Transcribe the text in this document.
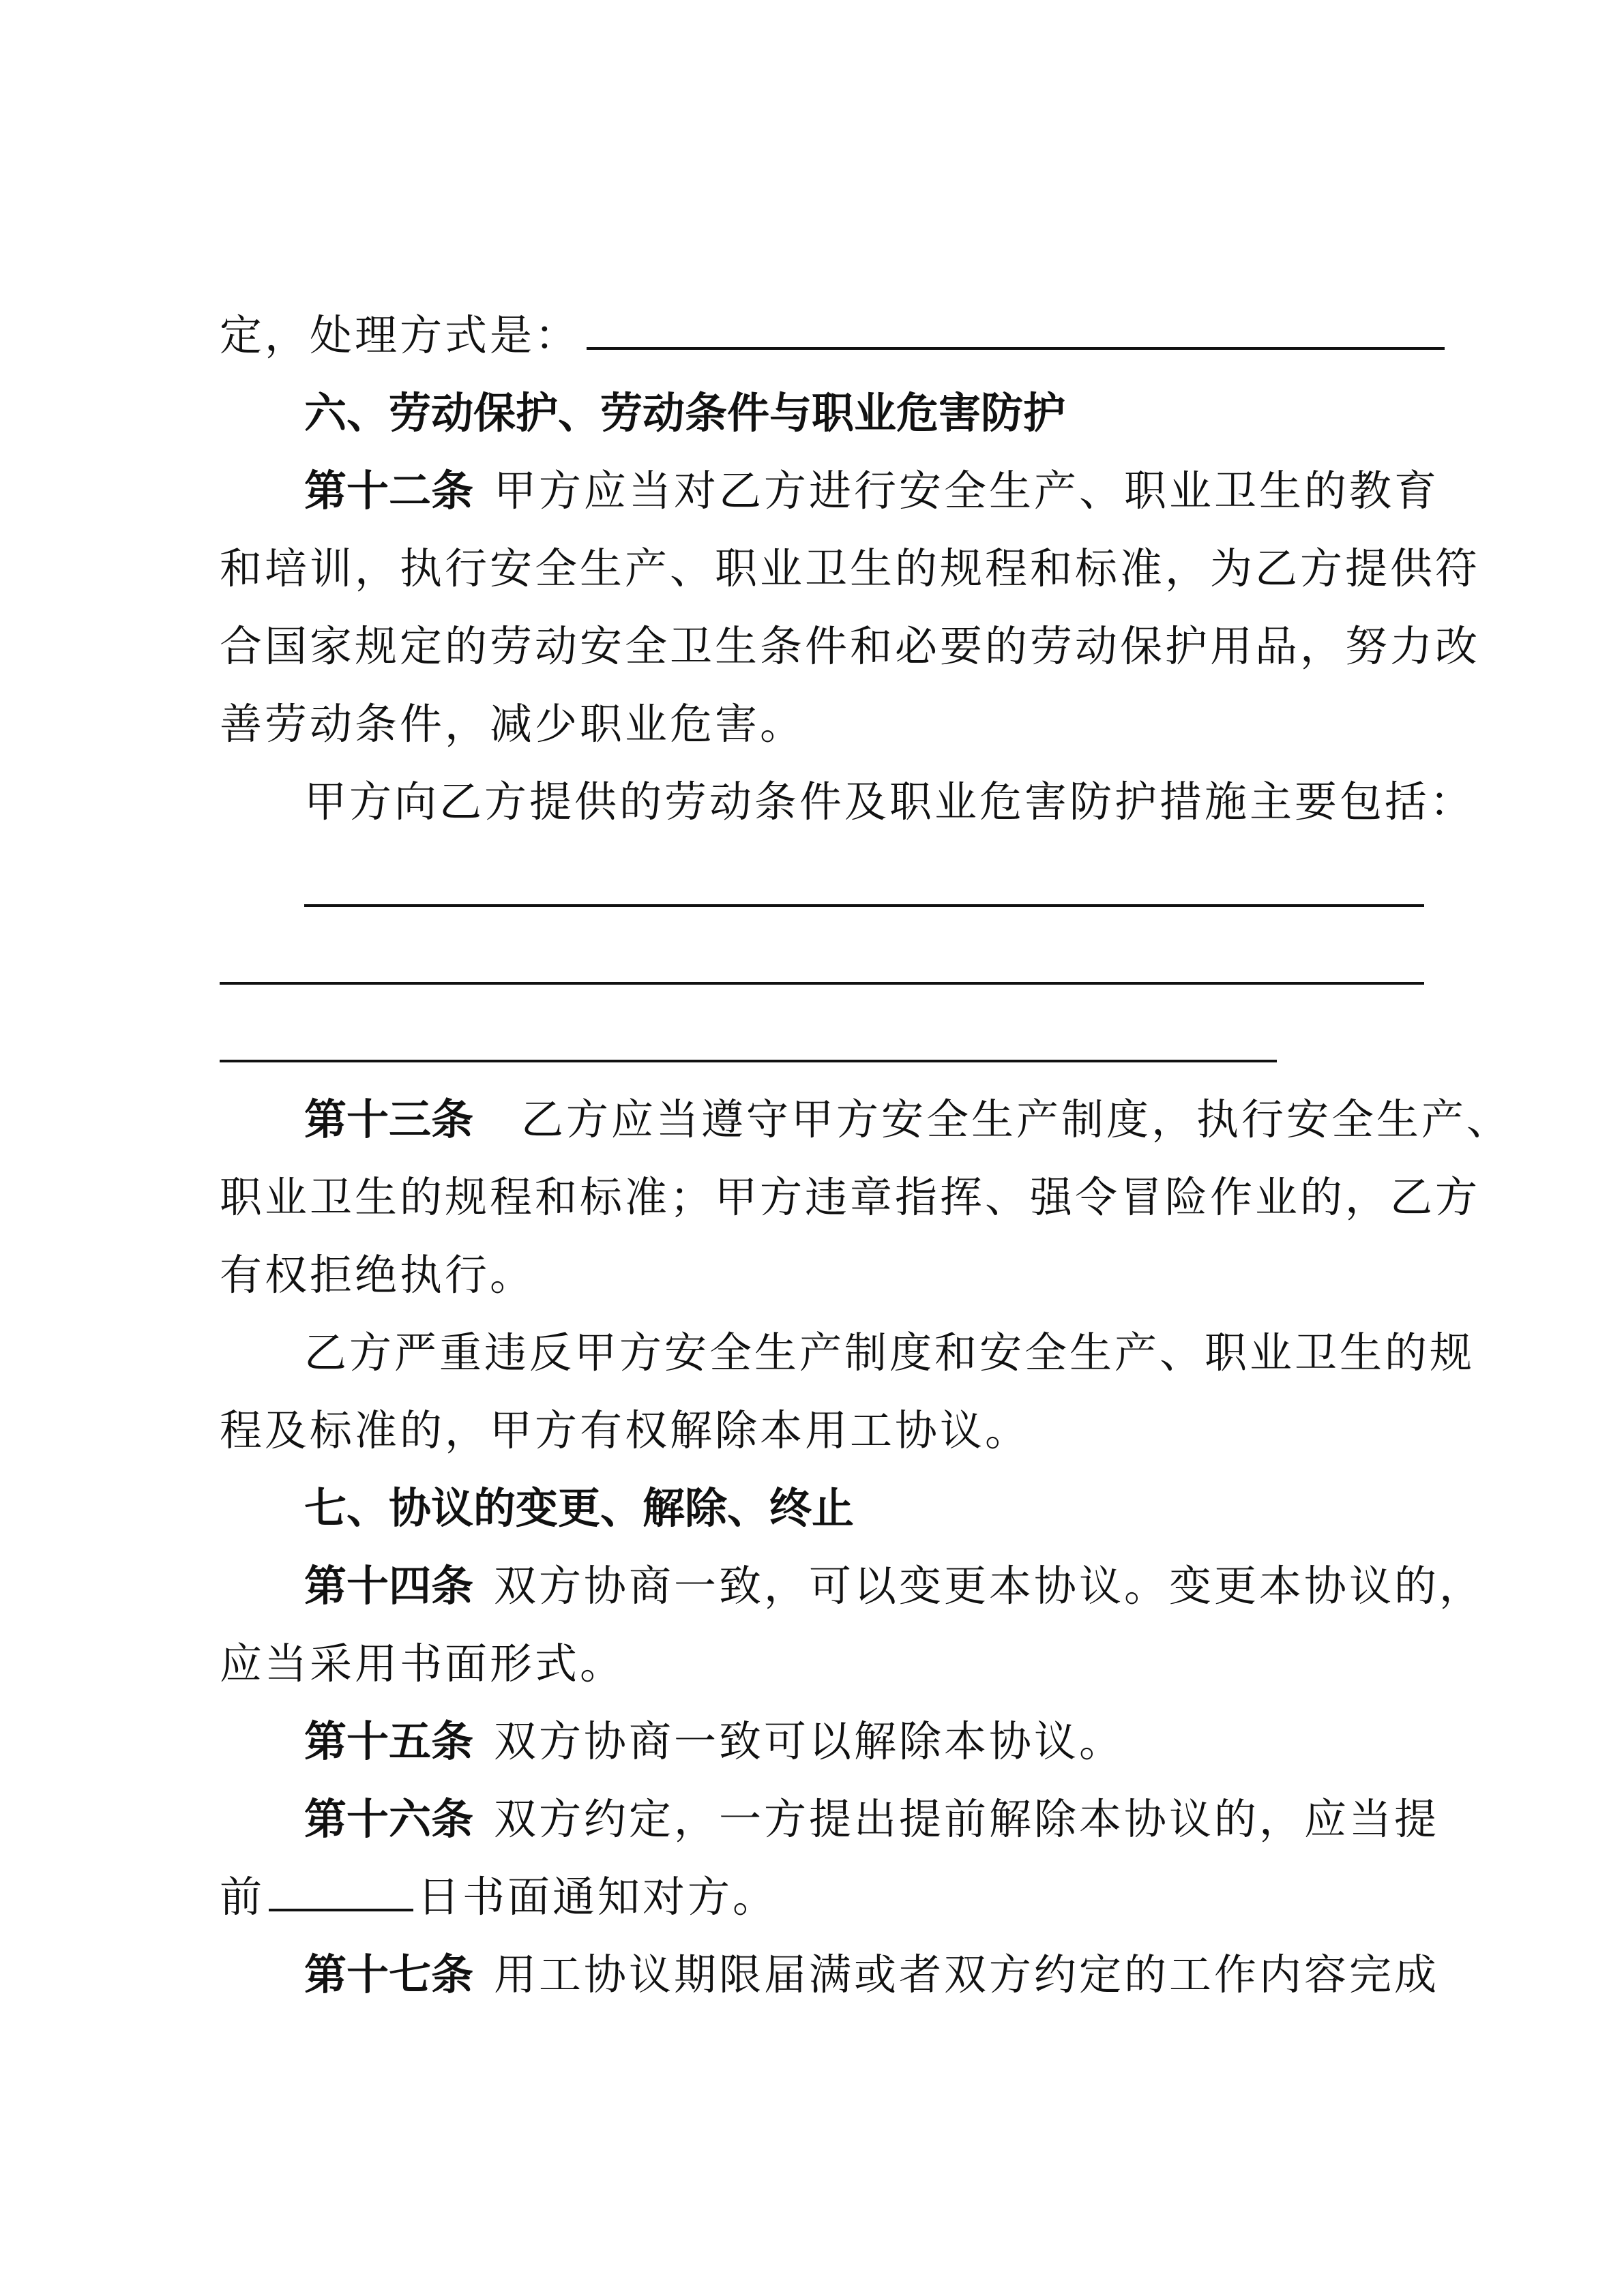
定，处理方式是：
六、劳动保护、劳动条件与职业危害防护
第十二条 甲方应当对乙方进行安全生产、职业卫生的教育
和培训，执行安全生产、职业卫生的规程和标准，为乙方提供符
合国家规定的劳动安全卫生条件和必要的劳动保护用品，努力改
善劳动条件，减少职业危害。
甲方向乙方提供的劳动条件及职业危害防护措施主要包括：
第十三条 乙方应当遵守甲方安全生产制度，执行安全生产、
职业卫生的规程和标准；甲方违章指挥、强令冒险作业的，乙方
有权拒绝执行。
乙方严重违反甲方安全生产制度和安全生产、职业卫生的规
程及标准的，甲方有权解除本用工协议。
七、协议的变更、解除、终止
第十四条 双方协商一致，可以变更本协议。变更本协议的，
应当采用书面形式。
第十五条 双方协商一致可以解除本协议。
第十六条 双方约定，一方提出提前解除本协议的，应当提
前	日书面通知对方。
第十七条 用工协议期限届满或者双方约定的工作内容完成
